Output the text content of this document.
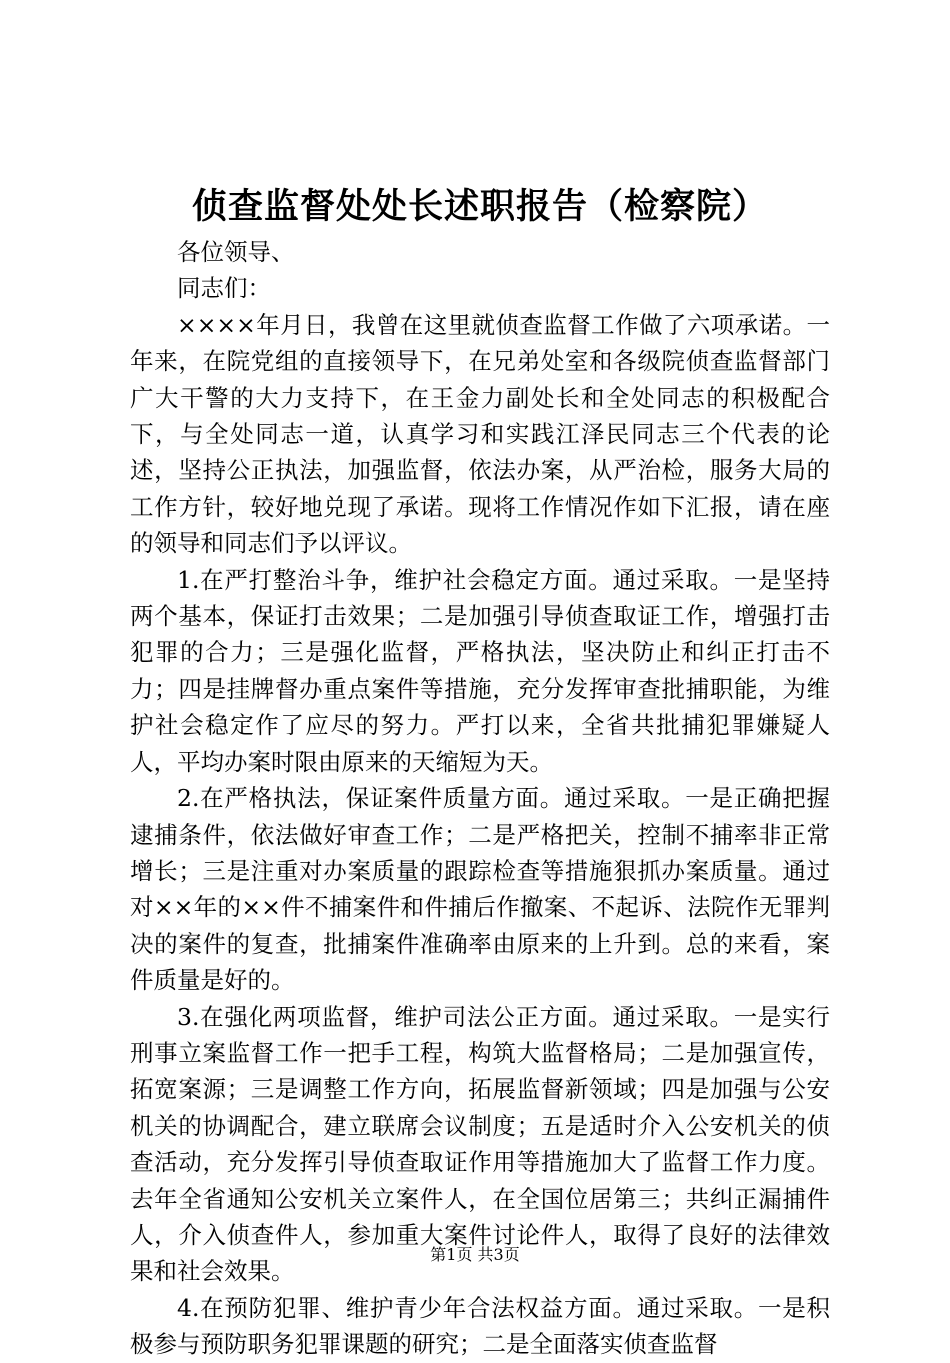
侦查监督处处长述职报告（检察院）

各位领导、

同志们：

××××年月日，我曾在这里就侦查监督工作做了六项承诺。一年来，在院党组的直接领导下，在兄弟处室和各级院侦查监督部门广大干警的大力支持下，在王金力副处长和全处同志的积极配合下，与全处同志一道，认真学习和实践江泽民同志三个代表的论述，坚持公正执法，加强监督，依法办案，从严治检，服务大局的工作方针，较好地兑现了承诺。现将工作情况作如下汇报，请在座的领导和同志们予以评议。

1.在严打整治斗争，维护社会稳定方面。通过采取。一是坚持两个基本，保证打击效果；二是加强引导侦查取证工作，增强打击犯罪的合力；三是强化监督，严格执法，坚决防止和纠正打击不力；四是挂牌督办重点案件等措施，充分发挥审查批捕职能，为维护社会稳定作了应尽的努力。严打以来，全省共批捕犯罪嫌疑人人，平均办案时限由原来的天缩短为天。

2.在严格执法，保证案件质量方面。通过采取。一是正确把握逮捕条件，依法做好审查工作；二是严格把关，控制不捕率非正常增长；三是注重对办案质量的跟踪检查等措施狠抓办案质量。通过对××年的××件不捕案件和件捕后作撤案、不起诉、法院作无罪判决的案件的复查，批捕案件准确率由原来的上升到。总的来看，案件质量是好的。

3.在强化两项监督，维护司法公正方面。通过采取。一是实行刑事立案监督工作一把手工程，构筑大监督格局；二是加强宣传，拓宽案源；三是调整工作方向，拓展监督新领域；四是加强与公安机关的协调配合，建立联席会议制度；五是适时介入公安机关的侦查活动，充分发挥引导侦查取证作用等措施加大了监督工作力度。去年全省通知公安机关立案件人，在全国位居第三；共纠正漏捕件人，介入侦查件人，参加重大案件讨论件人，取得了良好的法律效果和社会效果。

4.在预防犯罪、维护青少年合法权益方面。通过采取。一是积极参与预防职务犯罪课题的研究；二是全面落实侦查监督

第1页 共3页
